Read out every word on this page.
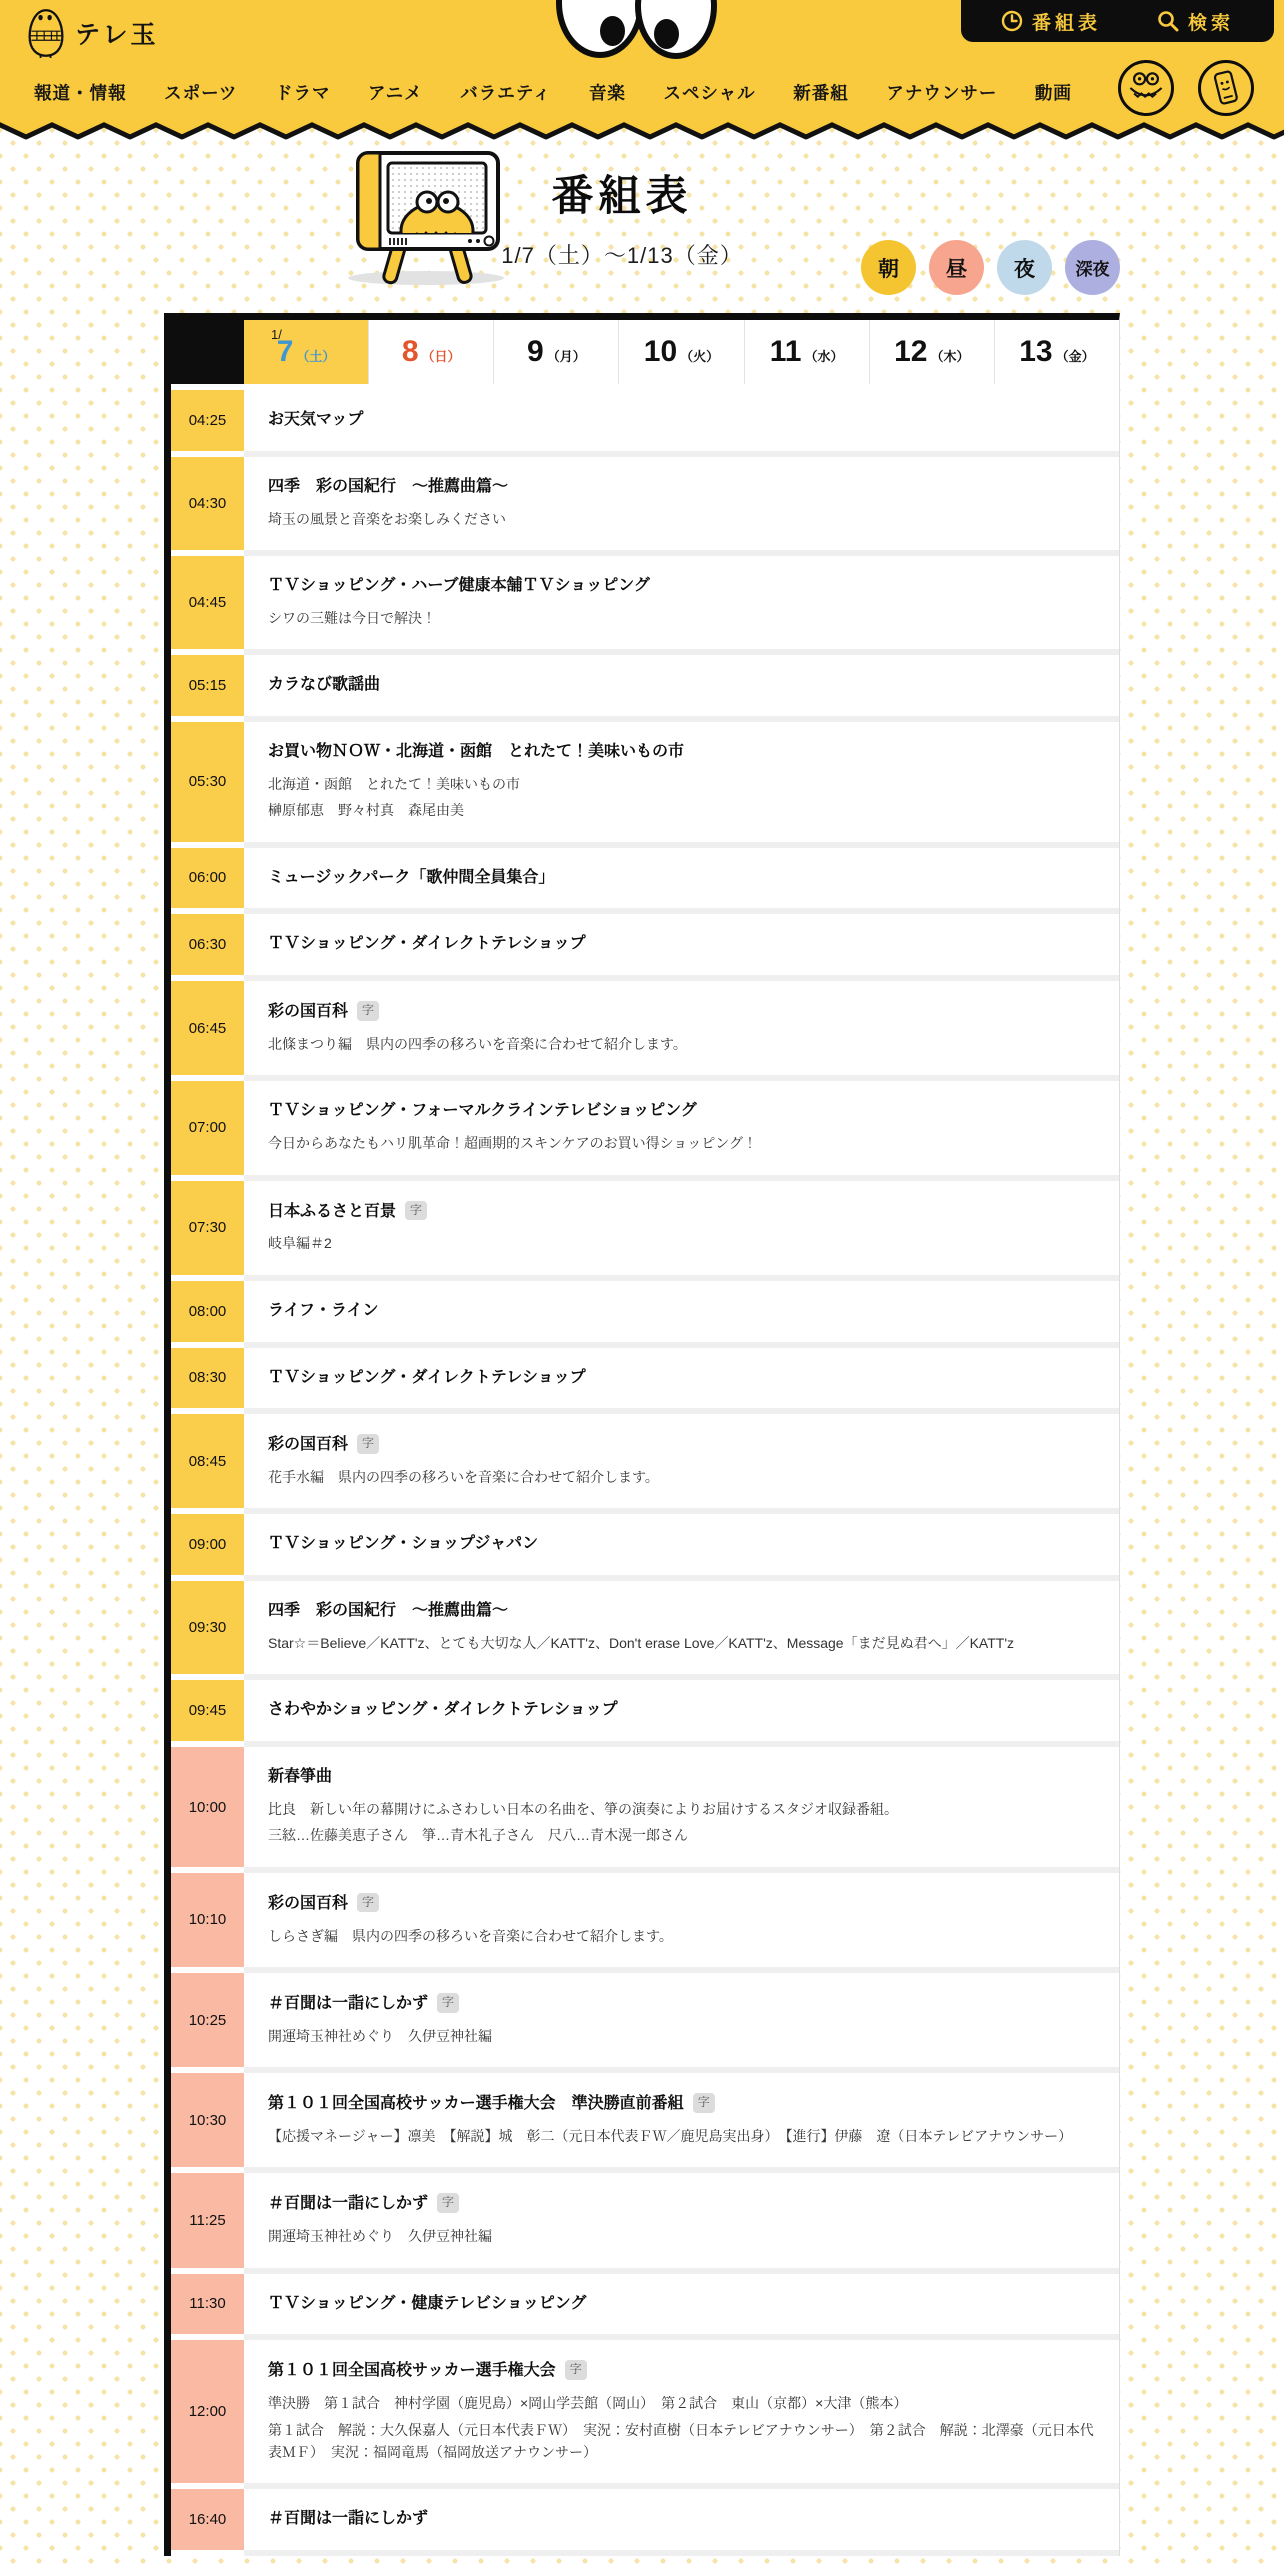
テレ玉	番組表	検索
報道・情報 スポーツ ドラマ アニメ バラエティ 音楽 スペシャル 新番組 アナウンサー 動画
番組表
1/7（土）〜1/13（金）
朝	昼	夜	深夜
1/
7 （土） 8 （日） 9 （月） 10 （火） 11 （水） 12 （木） 13 （金）
04:25	お天気マップ
04:30
四季　彩の国紀行　～推薦曲篇～
埼玉の風景と音楽をお楽しみください
04:45
ＴＶショッピング・ハーブ健康本舗ＴＶショッピング
シワの三難は今日で解決！
05:15	カラなび歌謡曲
05:30
お買い物ＮＯＷ・北海道・函館　とれたて！美味いもの市
北海道・函館　とれたて！美味いもの市
榊原郁恵　野々村真　森尾由美
06:00	ミュージックパーク「歌仲間全員集合」
06:30	ＴＶショッピング・ダイレクトテレショップ
06:45
彩の国百科 字
北條まつり編　県内の四季の移ろいを音楽に合わせて紹介します。
07:00
ＴＶショッピング・フォーマルクラインテレビショッピング
今日からあなたもハリ肌革命！超画期的スキンケアのお買い得ショッピング！
07:30
日本ふるさと百景 字
岐阜編＃2
08:00	ライフ・ライン
08:30	ＴＶショッピング・ダイレクトテレショップ
08:45
彩の国百科 字
花手水編　県内の四季の移ろいを音楽に合わせて紹介します。
09:00	ＴＶショッピング・ショップジャパン
09:30
四季　彩の国紀行　～推薦曲篇～
Star☆＝Believe／KATT'z、とても大切な人／KATT'z、Don't erase Love／KATT'z、Message「まだ見ぬ君へ」／KATT'z
09:45	さわやかショッピング・ダイレクトテレショップ
10:00
新春箏曲
比良　新しい年の幕開けにふさわしい日本の名曲を、箏の演奏によりお届けするスタジオ収録番組。
三絃…佐藤美恵子さん　箏…青木礼子さん　尺八…青木滉一郎さん
10:10
彩の国百科 字
しらさぎ編　県内の四季の移ろいを音楽に合わせて紹介します。
10:25
＃百聞は一詣にしかず 字
開運埼玉神社めぐり　久伊豆神社編
10:30
第１０１回全国高校サッカー選手権大会　準決勝直前番組 字
【応援マネージャー】凛美　【解説】城　彰二（元日本代表ＦＷ／鹿児島実出身）　【進行】伊藤　遼（日本テレビアナウンサー）
11:25
＃百聞は一詣にしかず 字
開運埼玉神社めぐり　久伊豆神社編
11:30	ＴＶショッピング・健康テレビショッピング
12:00
第１０１回全国高校サッカー選手権大会 字
準決勝　第１試合　神村学園（鹿児島）×岡山学芸館（岡山）　第２試合　東山（京都）×大津（熊本）
第１試合　解説：大久保嘉人（元日本代表ＦＷ）　実況：安村直樹（日本テレビアナウンサー）　第２試合　解説：北澤豪（元日本代表ＭＦ）　実況：福岡竜馬（福岡放送アナウンサー）
16:40	＃百聞は一詣にしかず
